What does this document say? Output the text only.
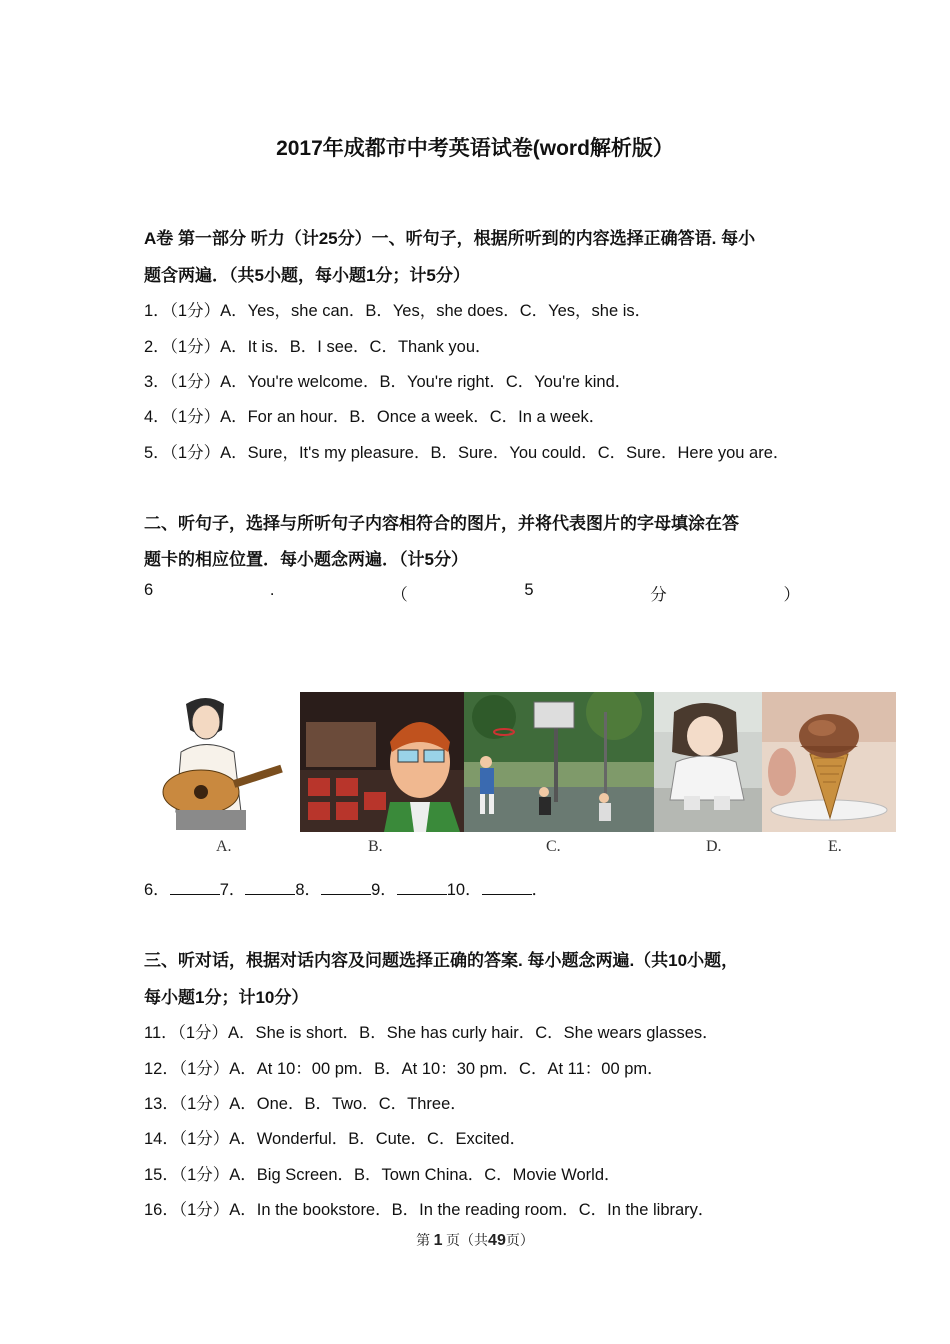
2017年成都市中考英语试卷(word解析版）
A卷 第一部分 听力（计25分）一、听句子，根据所听到的内容选择正确答语. 每小
题含两遍．（共5小题，每小题1分；计5分）
1．（1分）A．Yes，she can．B．Yes，she does．C．Yes，she is．
2．（1分）A．It is．B．I see．C．Thank you．
3．（1分）A．You're welcome．B．You're right．C．You're kind．
4．（1分）A．For an hour．B．Once a week．C．In a week．
5．（1分）A．Sure，It's my pleasure．B．Sure．You could．C．Sure．Here you are．
二、听句子，选择与所听句子内容相符合的图片，并将代表图片的字母填涂在答
题卡的相应位置．每小题念两遍．（计5分）
6	.	（	5	分	）
A.	B.	C.	D.	E.
6．	7．	8．	9．	10．	．
三、听对话，根据对话内容及问题选择正确的答案. 每小题念两遍.（共10小题，
每小题1分；计10分）
11．（1分）A．She is short．B．She has curly hair．C．She wears glasses．
12．（1分）A．At 10：00 pm．B．At 10：30 pm．C．At 11：00 pm．
13．（1分）A．One．B．Two．C．Three．
14．（1分）A．Wonderful．B．Cute．C．Excited．
15．（1分）A．Big Screen．B．Town China．C．Movie World．
16．（1分）A．In the bookstore．B．In the reading room．C．In the library．
第 1 页（共49页）
